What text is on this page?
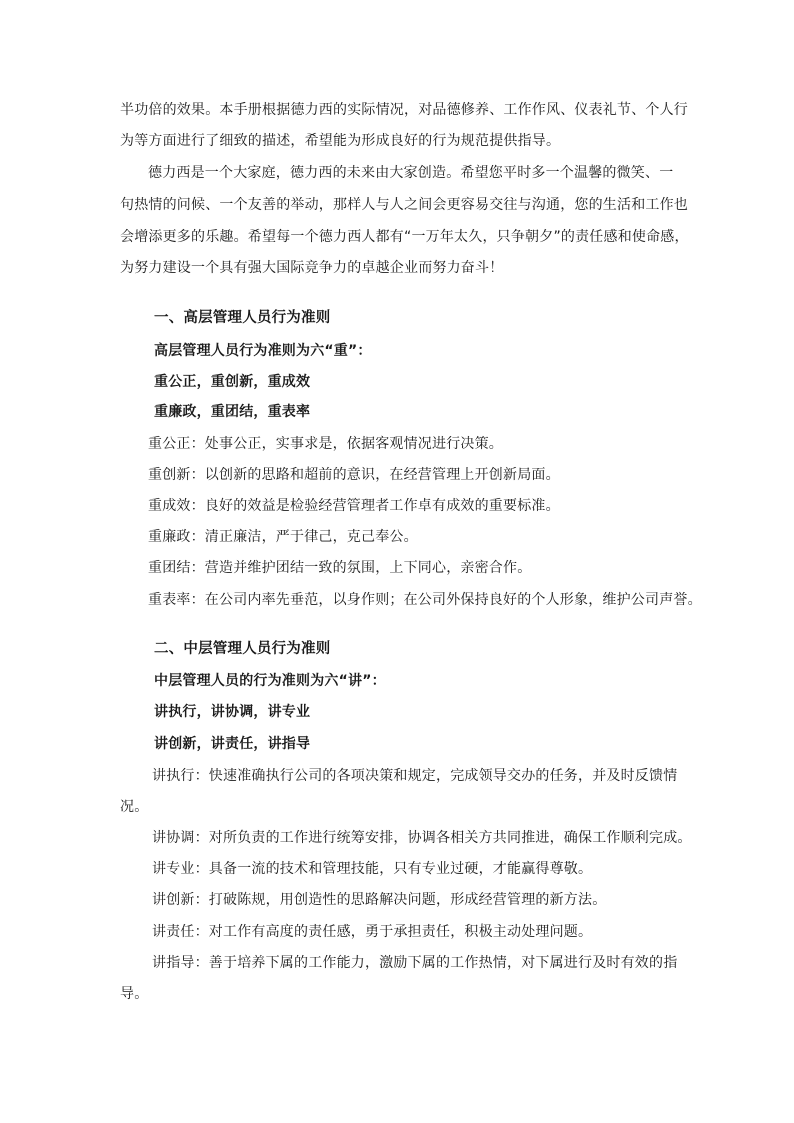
半功倍的效果。本手册根据德力西的实际情况，对品德修养、工作作风、仪表礼节、个人行
为等方面进行了细致的描述，希望能为形成良好的行为规范提供指导。
德力西是一个大家庭，德力西的未来由大家创造。希望您平时多一个温馨的微笑、一
句热情的问候、一个友善的举动，那样人与人之间会更容易交往与沟通，您的生活和工作也
会增添更多的乐趣。希望每一个德力西人都有“一万年太久，只争朝夕”的责任感和使命感，
为努力建设一个具有强大国际竞争力的卓越企业而努力奋斗！
一、高层管理人员行为准则
高层管理人员行为准则为六“重”：
重公正，重创新，重成效
重廉政，重团结，重表率
重公正：处事公正，实事求是，依据客观情况进行决策。
重创新：以创新的思路和超前的意识，在经营管理上开创新局面。
重成效：良好的效益是检验经营管理者工作卓有成效的重要标准。
重廉政：清正廉洁，严于律己，克己奉公。
重团结：营造并维护团结一致的氛围，上下同心，亲密合作。
重表率：在公司内率先垂范，以身作则；在公司外保持良好的个人形象，维护公司声誉。
二、中层管理人员行为准则
中层管理人员的行为准则为六“讲”：
讲执行，讲协调，讲专业
讲创新，讲责任，讲指导
讲执行：快速准确执行公司的各项决策和规定，完成领导交办的任务，并及时反馈情
况。
讲协调：对所负责的工作进行统筹安排，协调各相关方共同推进，确保工作顺利完成。
讲专业：具备一流的技术和管理技能，只有专业过硬，才能赢得尊敬。
讲创新：打破陈规，用创造性的思路解决问题，形成经营管理的新方法。
讲责任：对工作有高度的责任感，勇于承担责任，积极主动处理问题。
讲指导：善于培养下属的工作能力，激励下属的工作热情，对下属进行及时有效的指
导。
